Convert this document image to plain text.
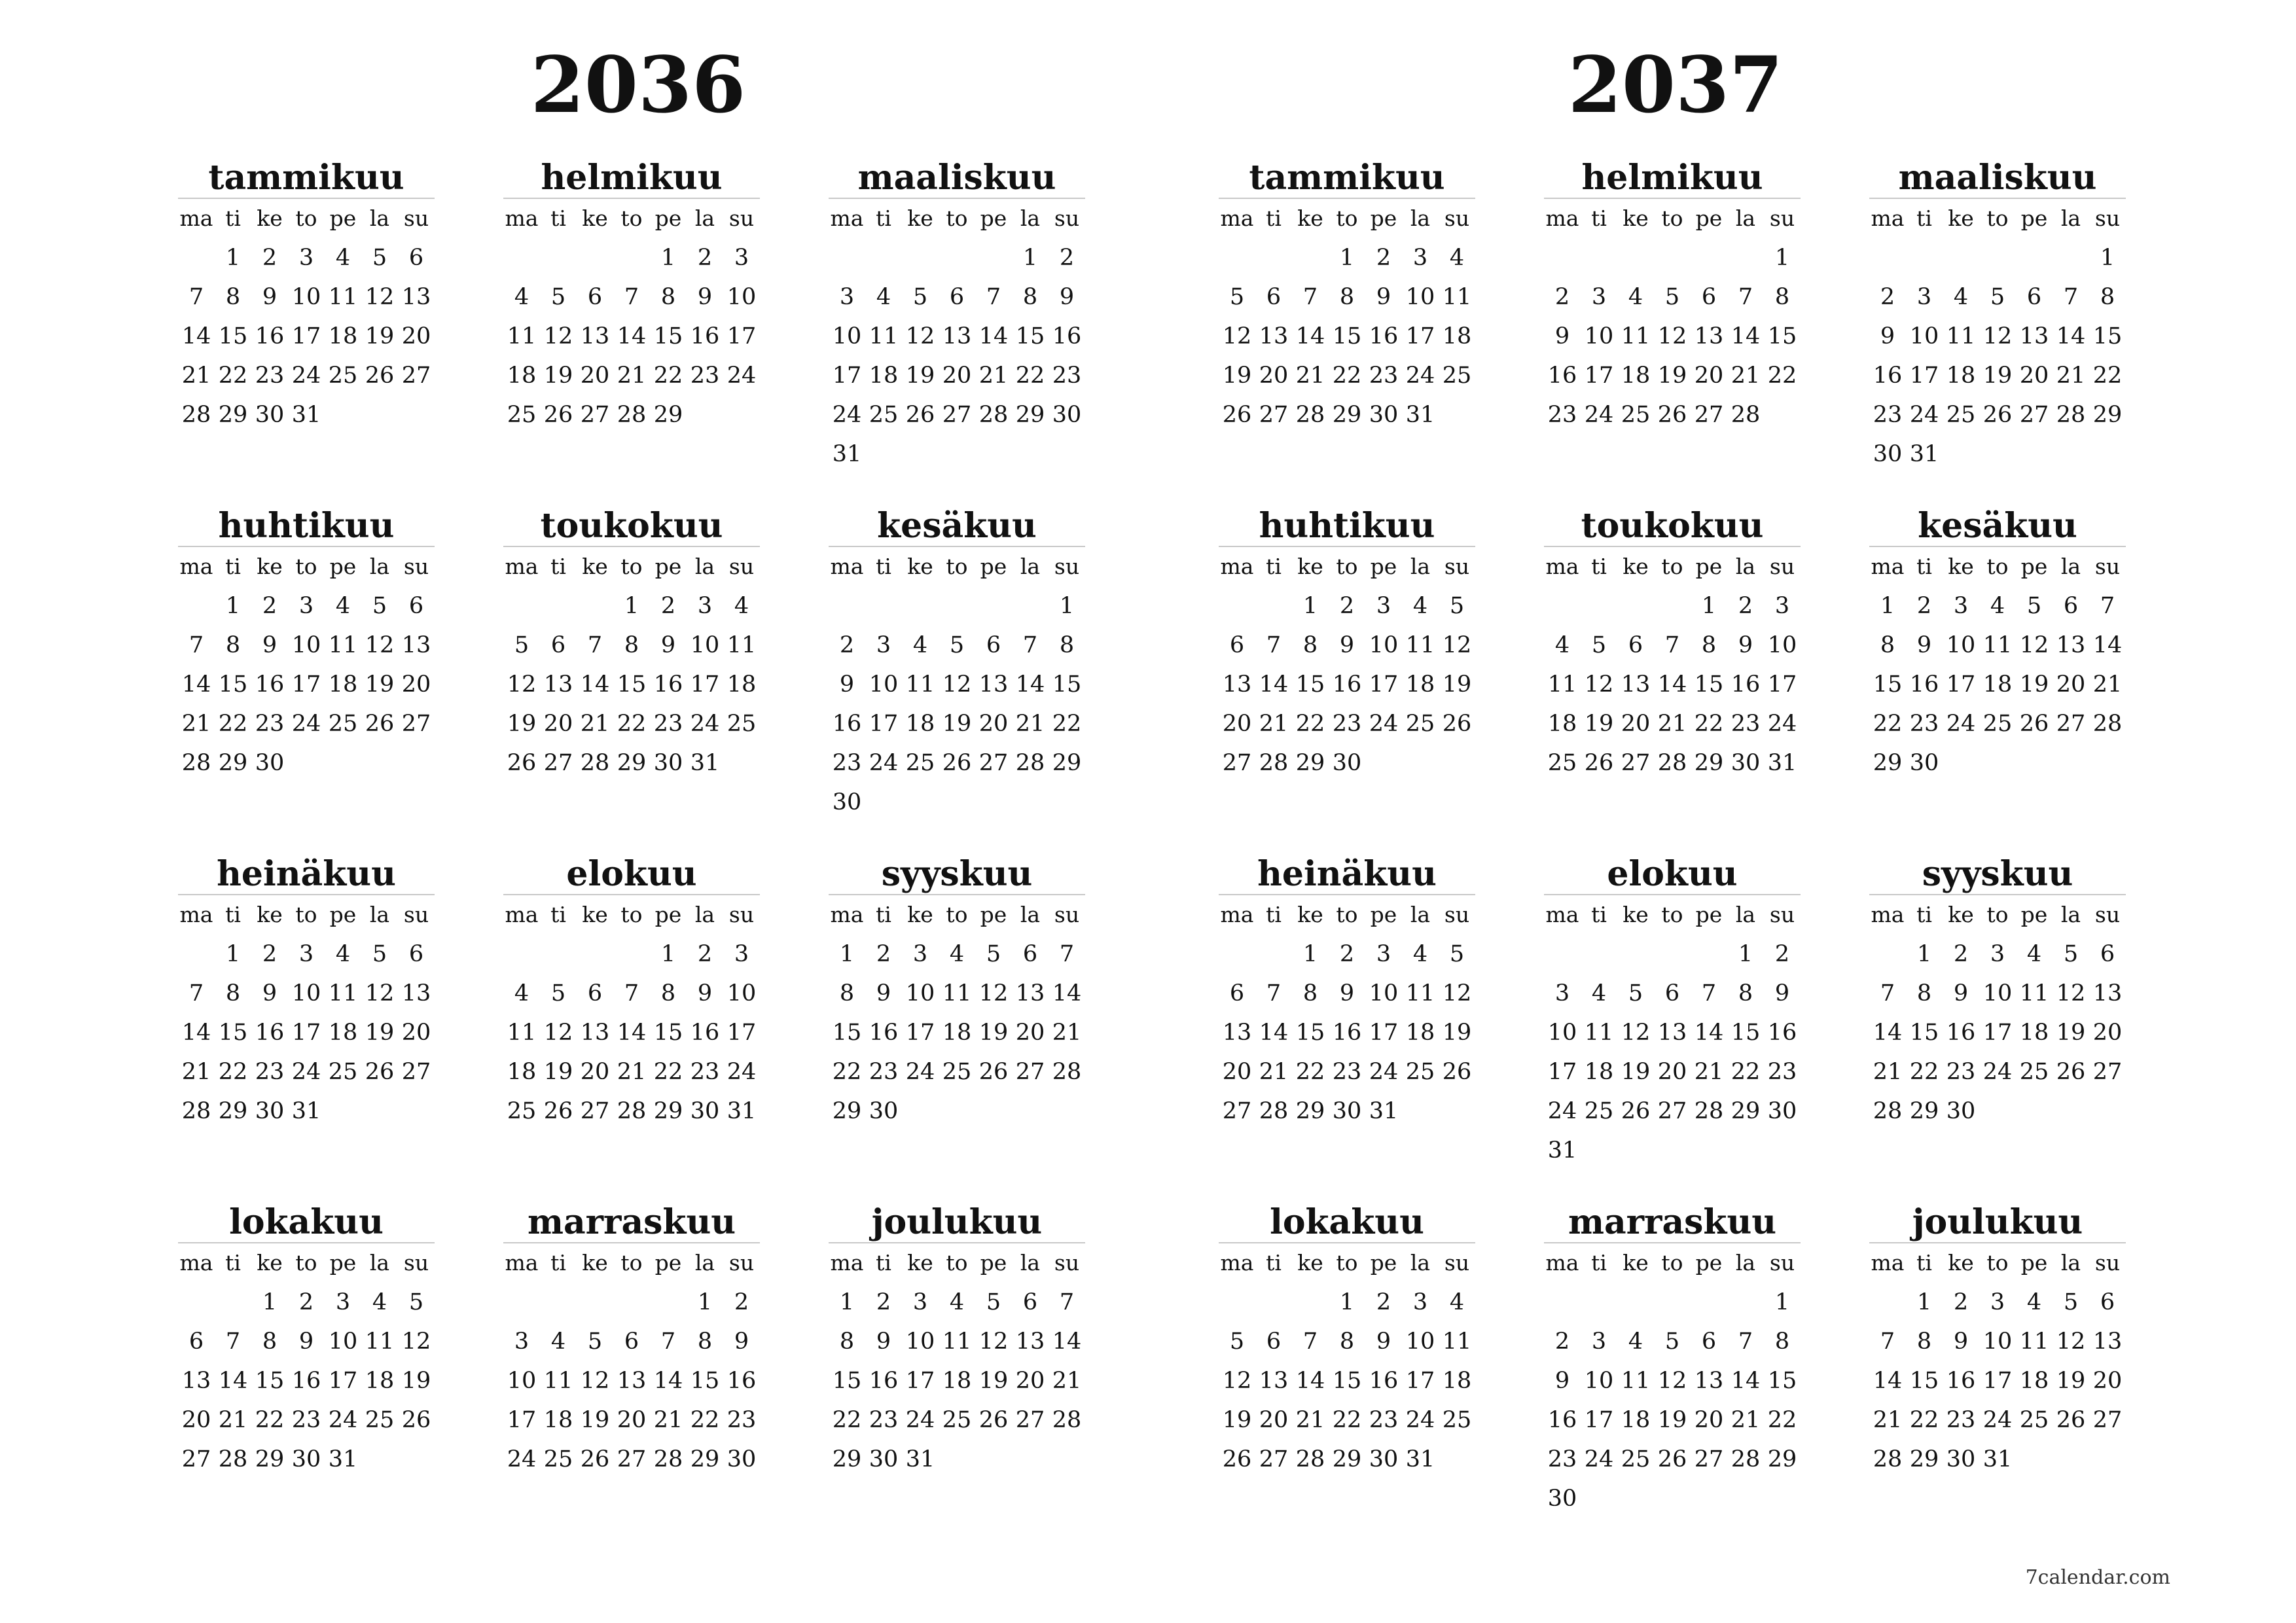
2036
tammikuu
ma ti ke to pe la su
1 2 3 4 5 6
7 8 9 10 11 12 13
14 15 16 17 18 19 20
21 22 23 24 25 26 27
28 29 30 31
helmikuu
ma ti ke to pe la su
1 2 3
4 5 6 7 8 9 10
11 12 13 14 15 16 17
18 19 20 21 22 23 24
25 26 27 28 29
maaliskuu
ma ti ke to pe la su
1 2
3 4 5 6 7 8 9
10 11 12 13 14 15 16
17 18 19 20 21 22 23
24 25 26 27 28 29 30
31
huhtikuu
ma ti ke to pe la su
1 2 3 4 5 6
7 8 9 10 11 12 13
14 15 16 17 18 19 20
21 22 23 24 25 26 27
28 29 30
toukokuu
ma ti ke to pe la su
1 2 3 4
5 6 7 8 9 10 11
12 13 14 15 16 17 18
19 20 21 22 23 24 25
26 27 28 29 30 31
kesäkuu
ma ti ke to pe la su
1
2 3 4 5 6 7 8
9 10 11 12 13 14 15
16 17 18 19 20 21 22
23 24 25 26 27 28 29
30
heinäkuu
ma ti ke to pe la su
1 2 3 4 5 6
7 8 9 10 11 12 13
14 15 16 17 18 19 20
21 22 23 24 25 26 27
28 29 30 31
elokuu
ma ti ke to pe la su
1 2 3
4 5 6 7 8 9 10
11 12 13 14 15 16 17
18 19 20 21 22 23 24
25 26 27 28 29 30 31
syyskuu
ma ti ke to pe la su
1 2 3 4 5 6 7
8 9 10 11 12 13 14
15 16 17 18 19 20 21
22 23 24 25 26 27 28
29 30
lokakuu
ma ti ke to pe la su
1 2 3 4 5
6 7 8 9 10 11 12
13 14 15 16 17 18 19
20 21 22 23 24 25 26
27 28 29 30 31
marraskuu
ma ti ke to pe la su
1 2
3 4 5 6 7 8 9
10 11 12 13 14 15 16
17 18 19 20 21 22 23
24 25 26 27 28 29 30
joulukuu
ma ti ke to pe la su
1 2 3 4 5 6 7
8 9 10 11 12 13 14
15 16 17 18 19 20 21
22 23 24 25 26 27 28
29 30 31
2037
tammikuu
ma ti ke to pe la su
1 2 3 4
5 6 7 8 9 10 11
12 13 14 15 16 17 18
19 20 21 22 23 24 25
26 27 28 29 30 31
helmikuu
ma ti ke to pe la su
1
2 3 4 5 6 7 8
9 10 11 12 13 14 15
16 17 18 19 20 21 22
23 24 25 26 27 28
maaliskuu
ma ti ke to pe la su
1
2 3 4 5 6 7 8
9 10 11 12 13 14 15
16 17 18 19 20 21 22
23 24 25 26 27 28 29
30 31
huhtikuu
ma ti ke to pe la su
1 2 3 4 5
6 7 8 9 10 11 12
13 14 15 16 17 18 19
20 21 22 23 24 25 26
27 28 29 30
toukokuu
ma ti ke to pe la su
1 2 3
4 5 6 7 8 9 10
11 12 13 14 15 16 17
18 19 20 21 22 23 24
25 26 27 28 29 30 31
kesäkuu
ma ti ke to pe la su
1 2 3 4 5 6 7
8 9 10 11 12 13 14
15 16 17 18 19 20 21
22 23 24 25 26 27 28
29 30
heinäkuu
ma ti ke to pe la su
1 2 3 4 5
6 7 8 9 10 11 12
13 14 15 16 17 18 19
20 21 22 23 24 25 26
27 28 29 30 31
elokuu
ma ti ke to pe la su
1 2
3 4 5 6 7 8 9
10 11 12 13 14 15 16
17 18 19 20 21 22 23
24 25 26 27 28 29 30
31
syyskuu
ma ti ke to pe la su
1 2 3 4 5 6
7 8 9 10 11 12 13
14 15 16 17 18 19 20
21 22 23 24 25 26 27
28 29 30
lokakuu
ma ti ke to pe la su
1 2 3 4
5 6 7 8 9 10 11
12 13 14 15 16 17 18
19 20 21 22 23 24 25
26 27 28 29 30 31
marraskuu
ma ti ke to pe la su
1
2 3 4 5 6 7 8
9 10 11 12 13 14 15
16 17 18 19 20 21 22
23 24 25 26 27 28 29
30
joulukuu
ma ti ke to pe la su
1 2 3 4 5 6
7 8 9 10 11 12 13
14 15 16 17 18 19 20
21 22 23 24 25 26 27
28 29 30 31
7calendar.com
